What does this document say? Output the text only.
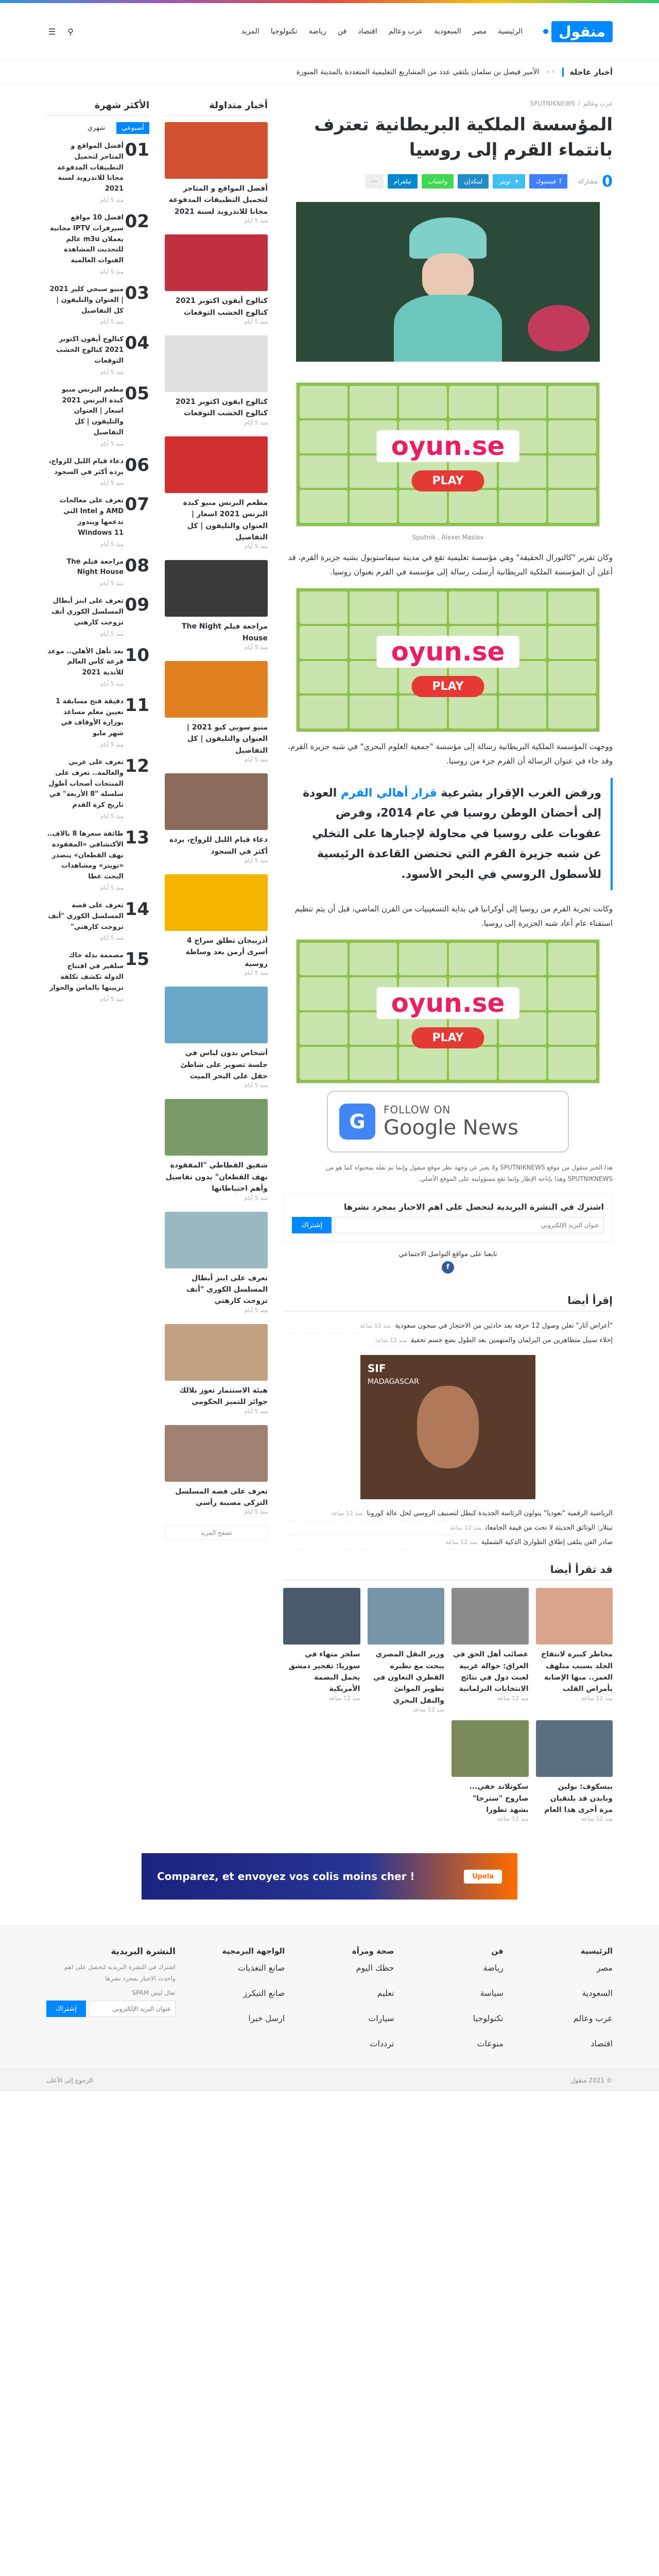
منقول
الرئيسية
مصر
السعودية
عرب وعالم
اقتصاد
فن
رياضة
تكنولوجيا
المزيد
⚲
☰
أخبار عاجلة
›
‹
الأمير فيصل بن سلمان يلتقي عدد من المشاريع التعليمية المتعددة بالمدينة المنورة
عرب وعالم/SPUTNIKNEWS
المؤسسة الملكية البريطانية تعترف بانتماء القرم إلى روسيا
0
مشاركة
f
فيسبوك
✦
تويتر
لينكدإن
واتساب
تيلقرام
⋯
oyun.se
PLAY
Sputnik . Alexei Maslov

وكان تقرير "كالتورال الحقيقة" وهي مؤسسة تعليمية تقع في مدينة سيفاستوبول بشبه جزيرة القرم، قد أعلن أن المؤسسة الملكية البريطانية أرسلت رسالة إلى مؤسسة في القرم بعنوان روسيا.

oyun.se
PLAY

ووجهت المؤسسة الملكية البريطانية رسالة إلى مؤسسة "جمعية العلوم البحري" في شبه جزيرة القرم، وقد جاء في عنوان الرسالة أن القرم جزء من روسيا.

ورفض الغرب الإقرار بشرعية قرار أهالي القرم العودة إلى أحضان الوطن روسيا في عام 2014، وفرض عقوبات على روسيا في محاولة لإجبارها على التخلي عن شبه جزيرة القرم التي تحتضن القاعدة الرئيسية للأسطول الروسي في البحر الأسود.

وكانت تجربة القرم من روسيا إلى أوكرانيا في بداية التسعينيات من القرن الماضي، قبل أن يتم تنظيم استفتاء عام أعاد شبه الجزيرة إلى روسيا.

oyun.se
PLAY
G
FOLLOW ON
Google News

هذا الخبر منقول من موقع SPUTNIKNEWS ولا يعبر عن وجهة نظر موقع منقول وإنما تم نقله بمحتواه كما هو من SPUTNIKNEWS وهذا بإتاحة الإطار وإنما تقع مسؤوليته على الموقع الأصلي.

اشترك في النشرة البريدية لتحصل على اهم الاخبار بمجرد نشرها
عنوان البريد الإلكتروني
إشتراك
تابعنا على مواقع التواصل الاجتماعي
f
إقرأ أيضا
"أعراض آثار" تعلن وصول 12 حرفة بعد حادثين من الاحتجاز في سجون سعوديةمنذ 12 ساعة
إخلاء سبيل متظاهرين من البرلمان والمتهمين بعد الطول بضع جسم تحقيقمنذ 12 ساعة
SIF
MADAGASCAR
الرياضية الرقمية "تعوديا" يتولون الرئاسة الجديدة كبطل لتصنيف الروسي لحل عالة كورونامنذ 12 ساعة
تيتلار: الوثائق الحديثة لا تحث من قيمة الجامعاتمنذ 12 ساعة
صادر الفن يتلقى إطلاق الطوارئ الذكية الشمليةمنذ 12 ساعة
قد تقرأ أيضا
مخاطر كبيرة لانتفاخ الجلد بسبب متلهف العمر.. منها الإصابة بأمراض القلب
منذ 12 ساعة
عصائب أهل الحق في العراق: حوالة عربية لعبث دول في نتائج الانتخابات البرلمانية
منذ 12 ساعة
وزير النقل المصري يبحث مع نظيره القطري التعاون في تطوير الموانئ والنقل البحري
منذ 12 ساعة
سلجر منهاء في سوريا: تفجير دمشق يحمل البصمة الأمريكية
منذ 12 ساعة
بيسكوف: بولين وبايدن قد يلتقيان مرة أخرى هذا العام
منذ 12 ساعة
سكوتلاند خفي... صاروخ "سترجا" بشهد تطورا
منذ 12 ساعة
أخبار متداولة
أفضل المواقع و المتاجر لتحميل التطبيقات المدفوعة مجانا للاندرويد لسنة 2021
منذ 5 أيام
كتالوج أيفون اكتوبر 2021 كتالوج الخشب التوقعات
منذ 5 أيام
كتالوج ايفون اكتوبر 2021 كتالوج الخشب التوقعات
منذ 5 أيام
مطعم البرنس منيو كبدة البرنس 2021 اسعار | العنوان والتليفون | كل التفاصيل
منذ 5 أيام
مراجعة فيلم The Night House
منذ 5 أيام
منيو سوبي كيو 2021 | العنوان والتليفون | كل التفاصيل
منذ 5 أيام
دعاء قيام الليل للزواج، يرده أكثر في السجود
منذ 5 أيام
أذربيجان تطلق سراح 4 أسرى أرمن بعد وساطة روسية
منذ 5 أيام
أشخاص بدون لباس في جلسة تصوير على شاطئ حقل على البحر الميت
منذ 5 أيام
شفيق القطاطي "المفقودة نهف القطعان" بدون تفاصيل وأهم احتياطاتها
منذ 5 أيام
تعرف على ابنز أبطال المسلسل الكوري "أنف تزوجت كارهتي
منذ 5 أيام
هيئة الاستثمار تعوز بلالك جوائز للتميز الحكومي
منذ 5 أيام
تعرف على قصة المسلسل التركي مصيبة رأسي
منذ 5 أيام
تصفح المزيد
الأكثر شهرة
أسبوعي
شهري
01
أفضل المواقع و المتاجر لتحميل التطبيقات المدفوعة مجانا للاندرويد لسنة 2021
منذ 5 أيام
02
افضل 10 مواقع سيرفرات IPTV مجانية يعملان m3u عالم للتحديث المشاهدة القنوات العالمية
منذ 5 أيام
03
منيو سبحي كلير 2021 | العنوان والتليفون | كل التفاصيل
منذ 5 أيام
04
كتالوج أيفون اكتوبر 2021 كتالوج الخشب التوقعات
منذ 5 أيام
05
مطعم البرنس منيو كبدة البرنس 2021 اسعار | العنوان والتليفون | كل التفاصيل
منذ 5 أيام
06
دعاء قيام الليل للزواج، يرده أكثر في السجود
منذ 5 أيام
07
تعرف على معالجات AMD و Intel التي تدعمها ويندوز Windows 11
منذ 5 أيام
08
مراجعة فيلم The Night House
منذ 5 أيام
09
تعرف على ابنز أبطال المسلسل الكوري أنف تزوجت كارهتي
منذ 5 أيام
10
بعد تأهل الأهلي.. موعد قرعة كأس العالم للأندية 2021
منذ 5 أيام
11
دقيقة فتح مسابقة 1 تعيين معلم مساعد بوزارة الأوقاف في شهر مايو
منذ 5 أيام
12
تعرف على عربي والغالمة.. تعرف على المنتجات أصحاب أطول سلسلة "8 الأربعة" في تاريخ كرة القدم
منذ 5 أيام
13
طائفة سعرها 8 بالاف.. الأكتشافي «المفقودة نهف القطعان» يتصدر «تويتر» ومشاهدات البحث غطا
منذ 5 أيام
14
تعرف على قصة المسلسل الكوري "أنف تزوجت كارهتي"
منذ 5 أيام
15
مصممة بذلة خاك سلفير في افتتاح الدولة تكشف تكلفة تزيينها بالماس والحوار
منذ 5 أيام
Comparez, et envoyez vos colis moins cher !	Upela
الرئيسية
مصر
السعودية
عرب وعالم
اقتصاد
فن
رياضة
سياسة
تكنولوجيا
منوعات
صحة ومرأة
حظك اليوم
تعليم
سيارات
ترددات
الواجهة البرمجية
صانع التغذيات
صانع التيكرز
ارسل خبرا
النشرة البريدية
اشترك في النشرة البريدية لتحصل على اهم واحدث الاخبار بمجرد نشرها
تعال ليس SPAM
عنوان البريد الإلكتروني
إشتراك
© 2021 منقول
الرجوع إلى الأعلى
